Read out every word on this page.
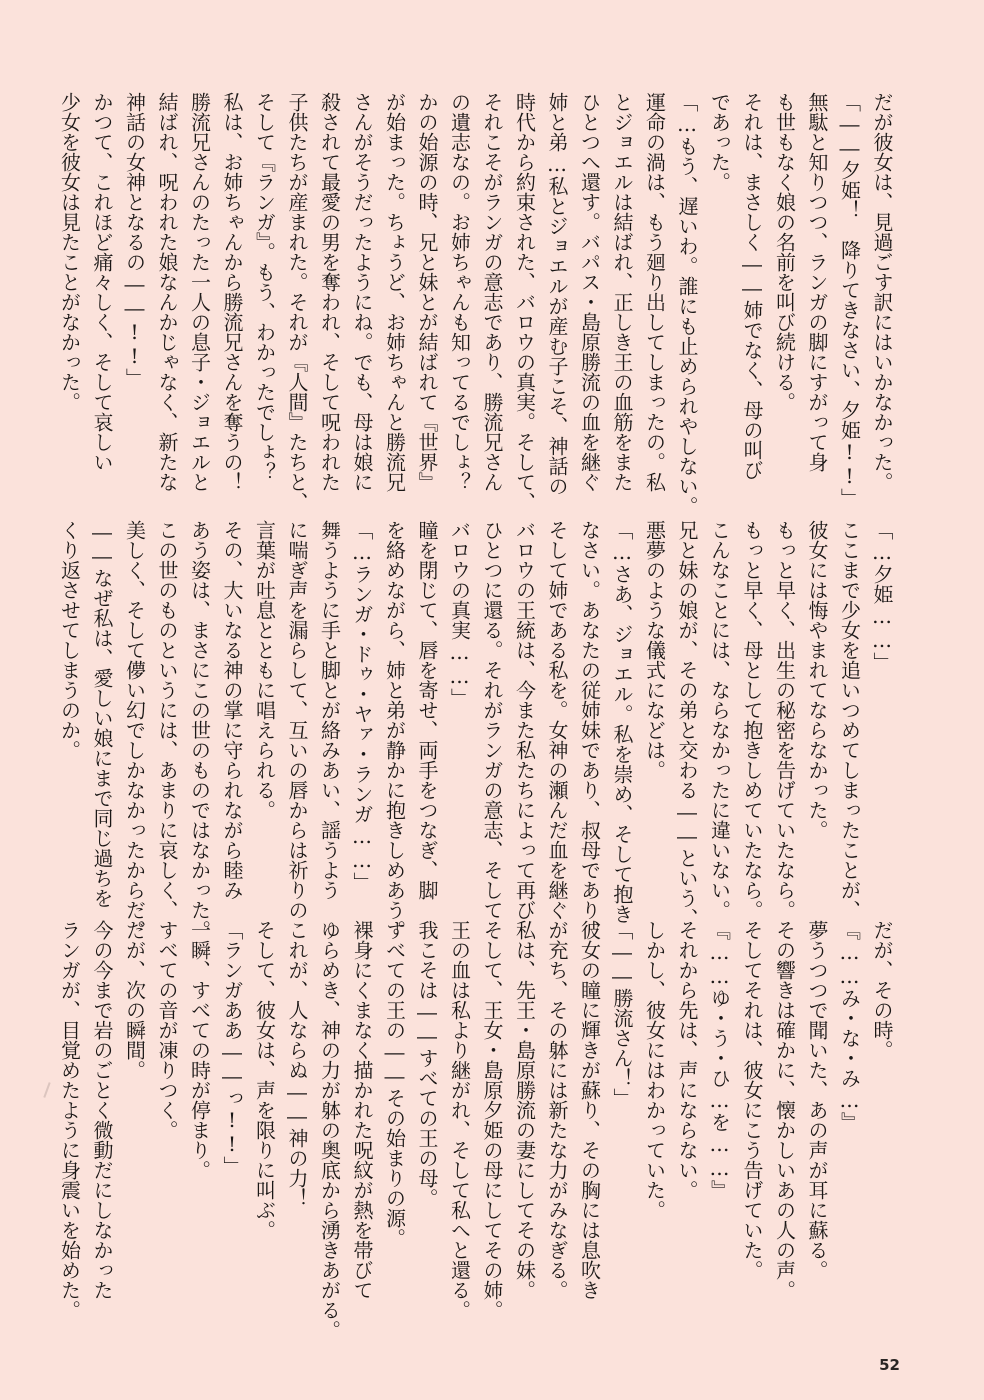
だが彼女は、見過ごす訳にはいかなかった。
「――夕姫！　降りてきなさい、夕姫!!」
無駄と知りつつ、ランガの脚にすがって身
も世もなく娘の名前を叫び続ける。
それは、まさしく――姉でなく、母の叫び
であった。
「…もう、遅いわ。誰にも止められやしない。
運命の渦は、もう廻り出してしまったの。私
とジョエルは結ばれ、正しき王の血筋をまた
ひとつへ還す。バパス・島原勝流の血を継ぐ
姉と弟…私とジョエルが産む子こそ、神話の
時代から約束された、バロウの真実。そして、
それこそがランガの意志であり、勝流兄さん
の遺志なの。お姉ちゃんも知ってるでしょ？
かの始源の時、兄と妹とが結ばれて『世界』
が始まった。ちょうど、お姉ちゃんと勝流兄
さんがそうだったようにね。でも、母は娘に
殺されて最愛の男を奪われ、そして呪われた
子供たちが産まれた。それが『人間』たちと、
そして『ランガ』。もう、わかったでしょ？
私は、お姉ちゃんから勝流兄さんを奪うの！
勝流兄さんのたった一人の息子・ジョエルと
結ばれ、呪われた娘なんかじゃなく、新たな
神話の女神となるの――!!」
かつて、これほど痛々しく、そして哀しい
少女を彼女は見たことがなかった。
「…夕姫……」
ここまで少女を追いつめてしまったことが、
彼女には悔やまれてならなかった。
もっと早く、出生の秘密を告げていたなら。
もっと早く、母として抱きしめていたなら。
こんなことには、ならなかったに違いない。
兄と妹の娘が、その弟と交わる――という、
悪夢のような儀式になどは。
「…さあ、ジョエル。私を崇め、そして抱き
なさい。あなたの従姉妹であり、叔母であり、
そして姉である私を。女神の瀬んだ血を継ぐ
バロウの王統は、今また私たちによって再び
ひとつに還る。それがランガの意志、そして
バロウの真実……」
瞳を閉じて、唇を寄せ、両手をつなぎ、脚
を絡めながら、姉と弟が静かに抱きしめあう。
「…ランガ・ドゥ・ヤァ・ランガ……」
舞うように手と脚とが絡みあい、謡うよう
に喘ぎ声を漏らして、互いの唇からは祈りの
言葉が吐息とともに唱えられる。
その、大いなる神の掌に守られながら睦み
あう姿は、まさにこの世のものではなかった。
この世のものというには、あまりに哀しく、
美しく、そして儚い幻でしかなかったからだ。
――なぜ私は、愛しい娘にまで同じ過ちを
くり返させてしまうのか。
だが、その時。
『……み・な・み…』
夢うつつで聞いた、あの声が耳に蘇る。
その響きは確かに、懐かしいあの人の声。
そしてそれは、彼女にこう告げていた。
『……ゆ・う・ひ…を……』
それから先は、声にならない。
しかし、彼女にはわかっていた。
「――勝流さん！」
彼女の瞳に輝きが蘇り、その胸には息吹き
が充ち、その躰には新たな力がみなぎる。
私は、先王・島原勝流の妻にしてその妹。
そして、王女・島原夕姫の母にしてその姉。
王の血は私より継がれ、そして私へと還る。
我こそは――すべての王の母。
すべての王の――その始まりの源。
裸身にくまなく描かれた呪紋が熱を帯びて
ゆらめき、神の力が躰の奥底から湧きあがる。
これが、人ならぬ――神の力！
そして、彼女は、声を限りに叫ぶ。
「ランガああ――っ!!」
一瞬、すべての時が停まり。
すべての音が凍りつく。
だが、次の瞬間。
今の今まで岩のごとく微動だにしなかった
ランガが、目覚めたように身震いを始めた。
52
